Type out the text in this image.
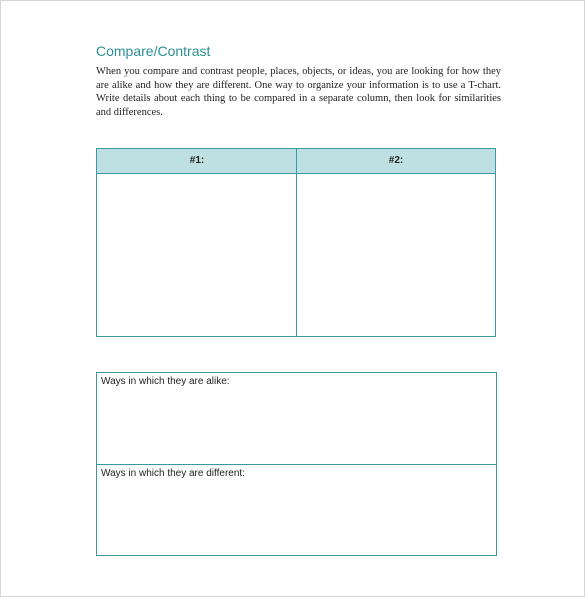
Compare/Contrast

When you compare and contrast people, places, objects, or ideas, you are looking for how they are alike and how they are different. One way to organize your information is to use a T-chart. Write details about each thing to be compared in a separate column, then look for similarities and differences.

#1:	#2:
Ways in which they are alike:
Ways in which they are different:
